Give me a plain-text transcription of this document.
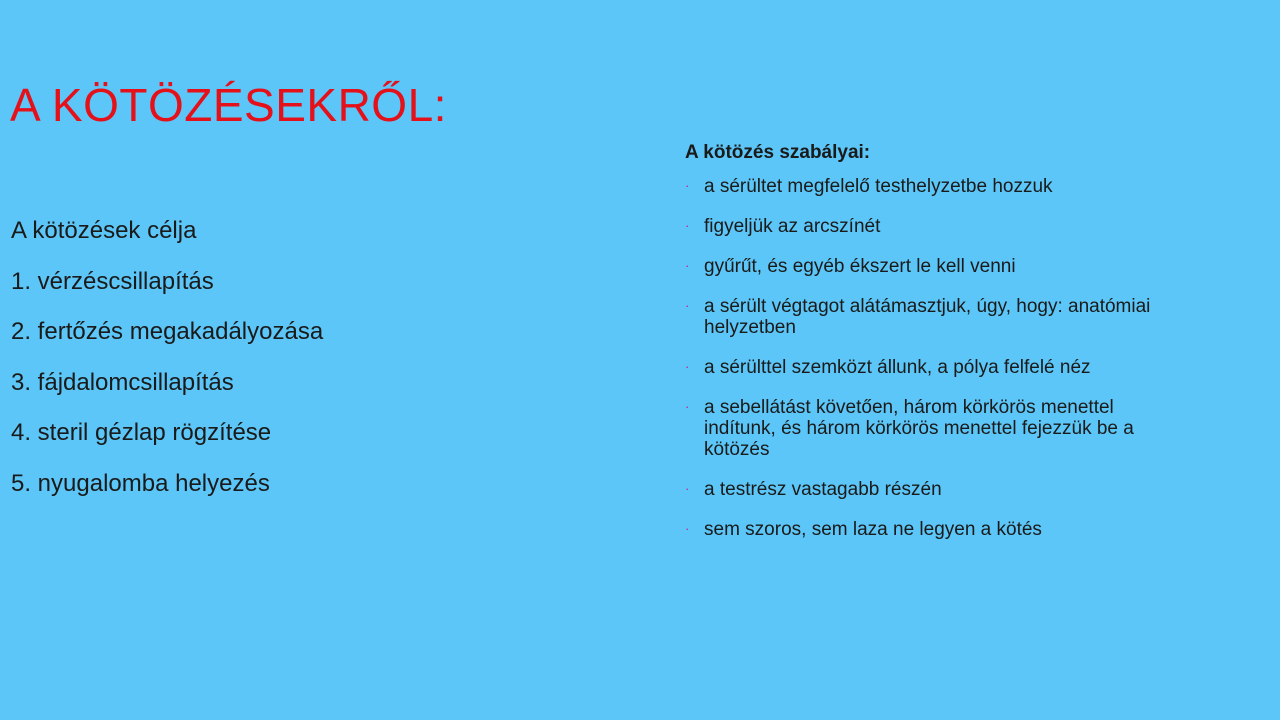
A KÖTÖZÉSEKRŐL:

A kötözések célja

1. vérzéscsillapítás

2. fertőzés megakadályozása

3. fájdalomcsillapítás

4. steril gézlap rögzítése

5. nyugalomba helyezés

A kötözés szabályai:

· a sérültet megfelelő testhelyzetbe hozzuk
· figyeljük az arcszínét
· gyűrűt, és egyéb ékszert le kell venni
· a sérült végtagot alátámasztjuk, úgy, hogy: anatómiai helyzetben
· a sérülttel szemközt állunk, a pólya felfelé néz
· a sebellátást követően, három körkörös menettel indítunk, és három körkörös menettel fejezzük be a kötözés
· a testrész vastagabb részén
· sem szoros, sem laza ne legyen a kötés
